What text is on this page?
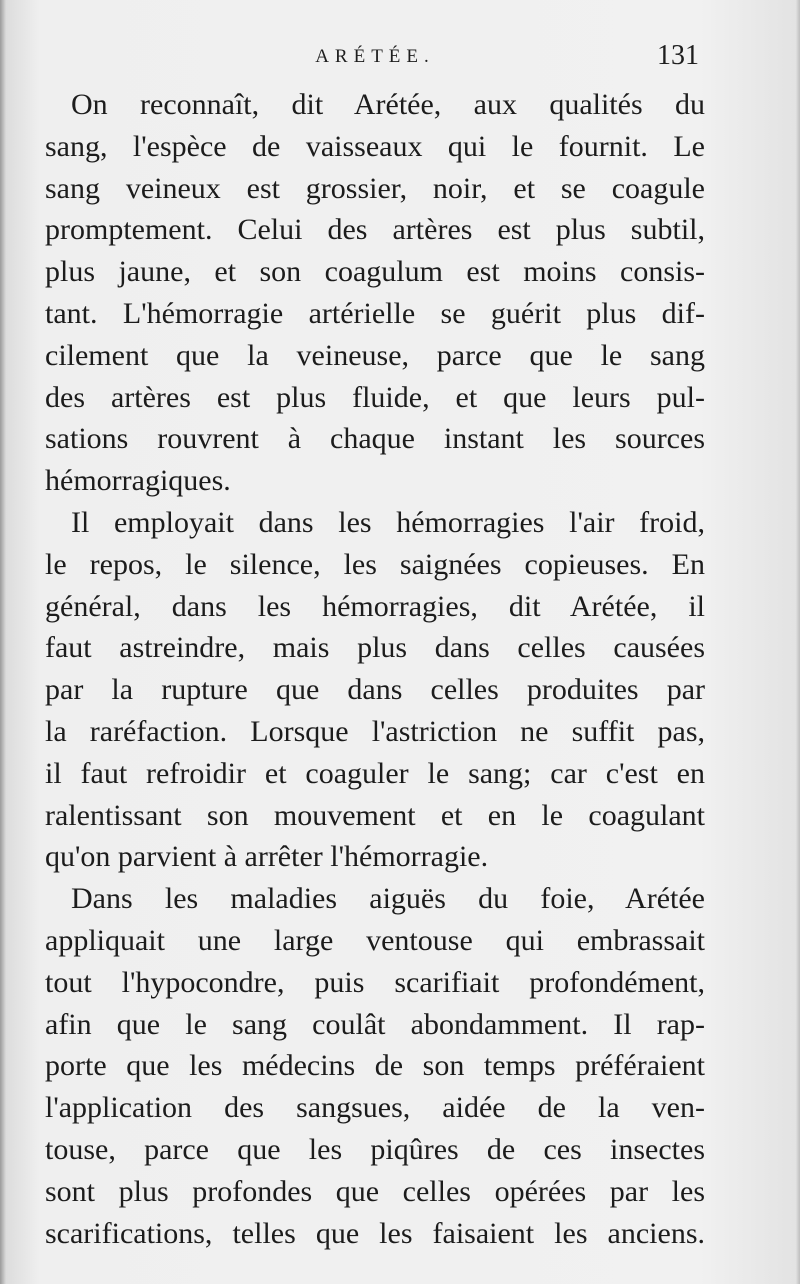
ARÉTÉE.	131
On reconnaît, dit Arétée, aux qualités du
sang, l'espèce de vaisseaux qui le fournit. Le
sang veineux est grossier, noir, et se coagule
promptement. Celui des artères est plus subtil,
plus jaune, et son coagulum est moins consis-
tant. L'hémorragie artérielle se guérit plus dif-
cilement que la veineuse, parce que le sang
des artères est plus fluide, et que leurs pul-
sations rouvrent à chaque instant les sources
hémorragiques.
Il employait dans les hémorragies l'air froid,
le repos, le silence, les saignées copieuses. En
général, dans les hémorragies, dit Arétée, il
faut astreindre, mais plus dans celles causées
par la rupture que dans celles produites par
la raréfaction. Lorsque l'astriction ne suffit pas,
il faut refroidir et coaguler le sang; car c'est en
ralentissant son mouvement et en le coagulant
qu'on parvient à arrêter l'hémorragie.
Dans les maladies aiguës du foie, Arétée
appliquait une large ventouse qui embrassait
tout l'hypocondre, puis scarifiait profondément,
afin que le sang coulât abondamment. Il rap-
porte que les médecins de son temps préféraient
l'application des sangsues, aidée de la ven-
touse, parce que les piqûres de ces insectes
sont plus profondes que celles opérées par les
scarifications, telles que les faisaient les anciens.
